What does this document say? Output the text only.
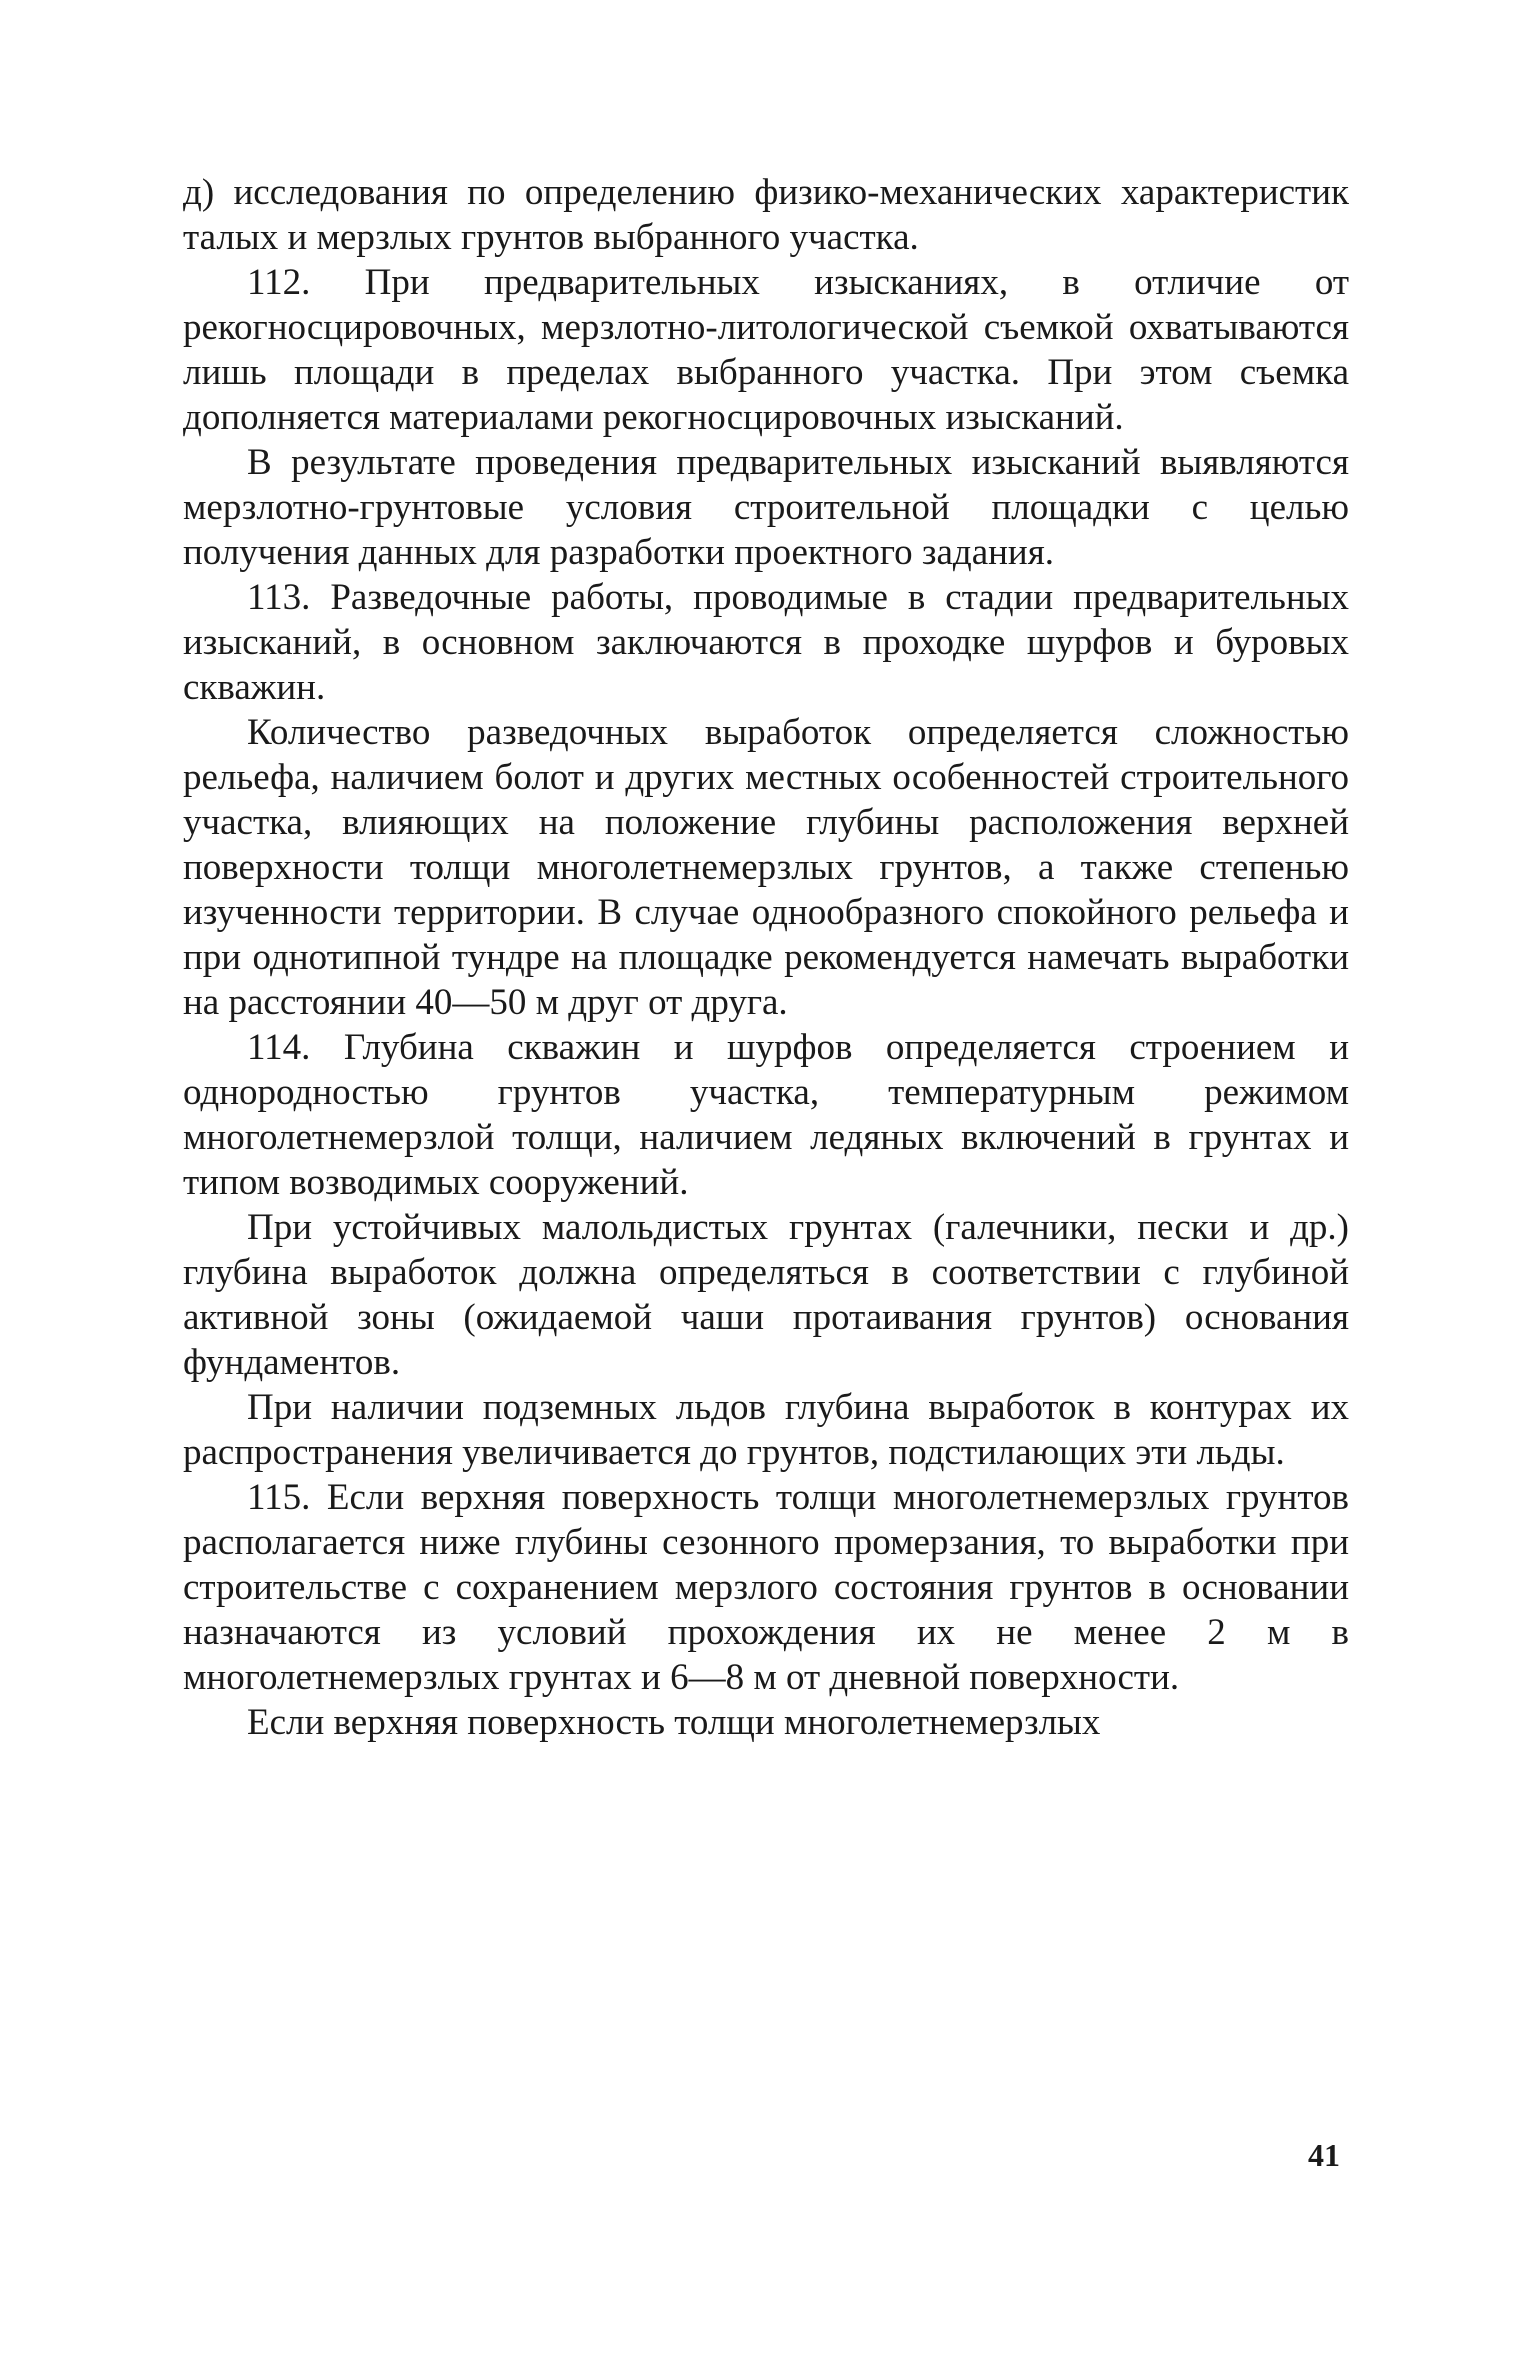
д) исследования по определению физико-механических характеристик талых и мерзлых грунтов выбранного участка.

112. При предварительных изысканиях, в отличие от рекогносцировочных, мерзлотно-литологической съемкой охватываются лишь площади в пределах выбранного участка. При этом съемка дополняется материалами рекогносцировочных изысканий.

В результате проведения предварительных изысканий выявляются мерзлотно-грунтовые условия строительной площадки с целью получения данных для разработки проектного задания.

113. Разведочные работы, проводимые в стадии предварительных изысканий, в основном заключаются в проходке шурфов и буровых скважин.

Количество разведочных выработок определяется сложностью рельефа, наличием болот и других местных особенностей строительного участка, влияющих на положение глубины расположения верхней поверхности толщи многолетнемерзлых грунтов, а также степенью изученности территории. В случае однообразного спокойного рельефа и при однотипной тундре на площадке рекомендуется намечать выработки на расстоянии 40—50 м друг от друга.

114. Глубина скважин и шурфов определяется строением и однородностью грунтов участка, температурным режимом многолетнемерзлой толщи, наличием ледяных включений в грунтах и типом возводимых сооружений.

При устойчивых малольдистых грунтах (галечники, пески и др.) глубина выработок должна определяться в соответствии с глубиной активной зоны (ожидаемой чаши протаивания грунтов) основания фундаментов.

При наличии подземных льдов глубина выработок в контурах их распространения увеличивается до грунтов, подстилающих эти льды.

115. Если верхняя поверхность толщи многолетнемерзлых грунтов располагается ниже глубины сезонного промерзания, то выработки при строительстве с сохранением мерзлого состояния грунтов в основании назначаются из условий прохождения их не менее 2 м в многолетнемерзлых грунтах и 6—8 м от дневной поверхности.

Если верхняя поверхность толщи многолетнемерзлых

41
